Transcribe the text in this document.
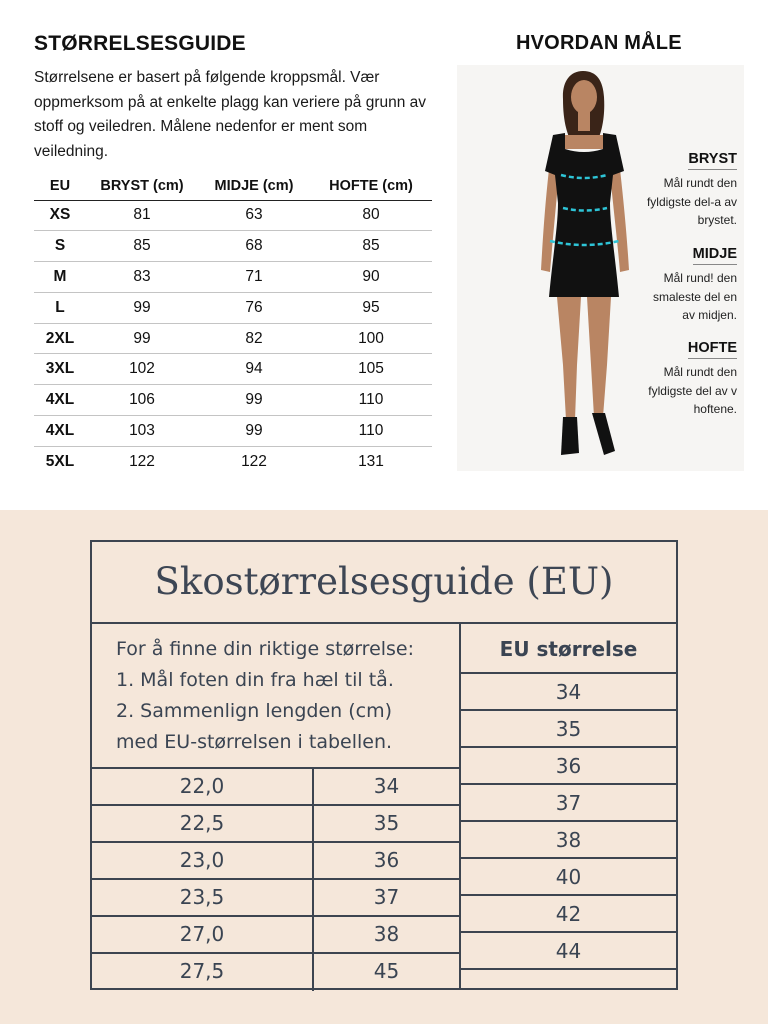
STØRRELSESGUIDE

Størrelsene er basert på følgende kroppsmål. Vær oppmerksom på at enkelte plagg kan veriere på grunn av stoff og veiledren. Målene nedenfor er ment som veiledning.

EU	BRYST (cm)	MIDJE (cm)	HOFTE (cm)
XS	81	63	80
S	85	68	85
M	83	71	90
L	99	76	95
2XL	99	82	100
3XL	102	94	105
4XL	106	99	110
4XL	103	99	110
5XL	122	122	131
HVORDAN MÅLE
BRYST
Mål rundt den fyldigste del-a av brystet.
MIDJE
Mål rund! den smaleste del en av midjen.
HOFTE
Mål rundt den fyldigste del av v hoftene.
Skostørrelsesguide (EU)
For å finne din riktige størrelse:
1. Mål foten din fra hæl til tå.
2. Sammenlign lengden (cm)
med EU-størrelsen i tabellen.
EU størrelse
34
35
36
37
38
40
42
44
22,0	34
22,5	35
23,0	36
23,5	37
27,0	38
27,5	45
